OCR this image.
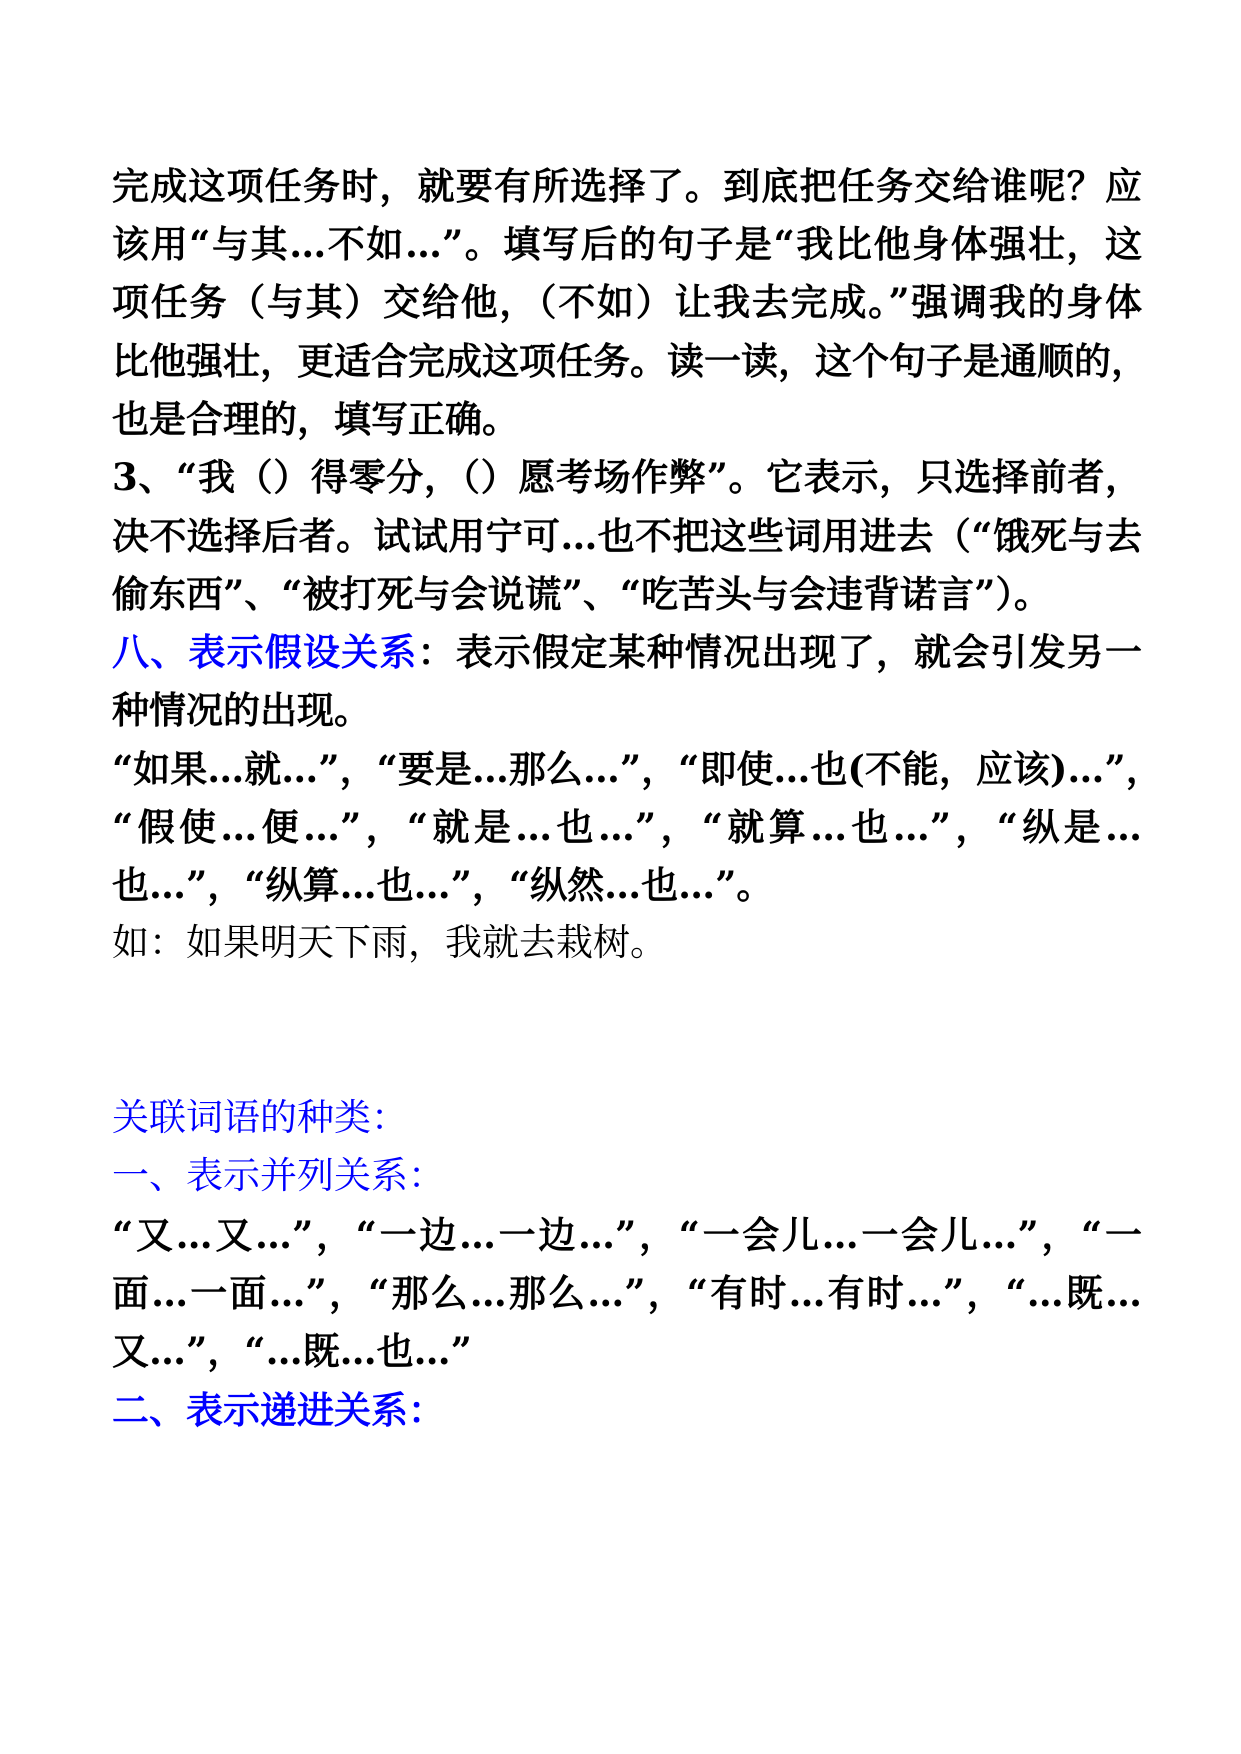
完成这项任务时，就要有所选择了。到底把任务交给谁呢？应
该用“与其…不如…”。填写后的句子是“我比他身体强壮，这
项任务（与其）交给他，（不如）让我去完成。”强调我的身体
比他强壮，更适合完成这项任务。读一读，这个句子是通顺的，
也是合理的，填写正确。
3、“我（）得零分，（）愿考场作弊”。它表示，只选择前者，
决不选择后者。试试用宁可…也不把这些词用进去（“饿死与去
偷东西”、“被打死与会说谎”、“吃苦头与会违背诺言”）。
八、表示假设关系：表示假定某种情况出现了，就会引发另一
种情况的出现。
“如果…就…”，“要是…那么…”，“即使…也(不能，应该)…”，
“假使…便…”，“就是…也…”，“就算…也…”，“纵是…
也…”，“纵算…也…”，“纵然…也…”。
如：如果明天下雨，我就去栽树。
关联词语的种类：
一、表示并列关系：
“又…又…”，“一边…一边…”，“一会儿…一会儿…”，“一
面…一面…”，“那么…那么…”，“有时…有时…”，“…既…
又…”，“…既…也…”
二、表示递进关系：
